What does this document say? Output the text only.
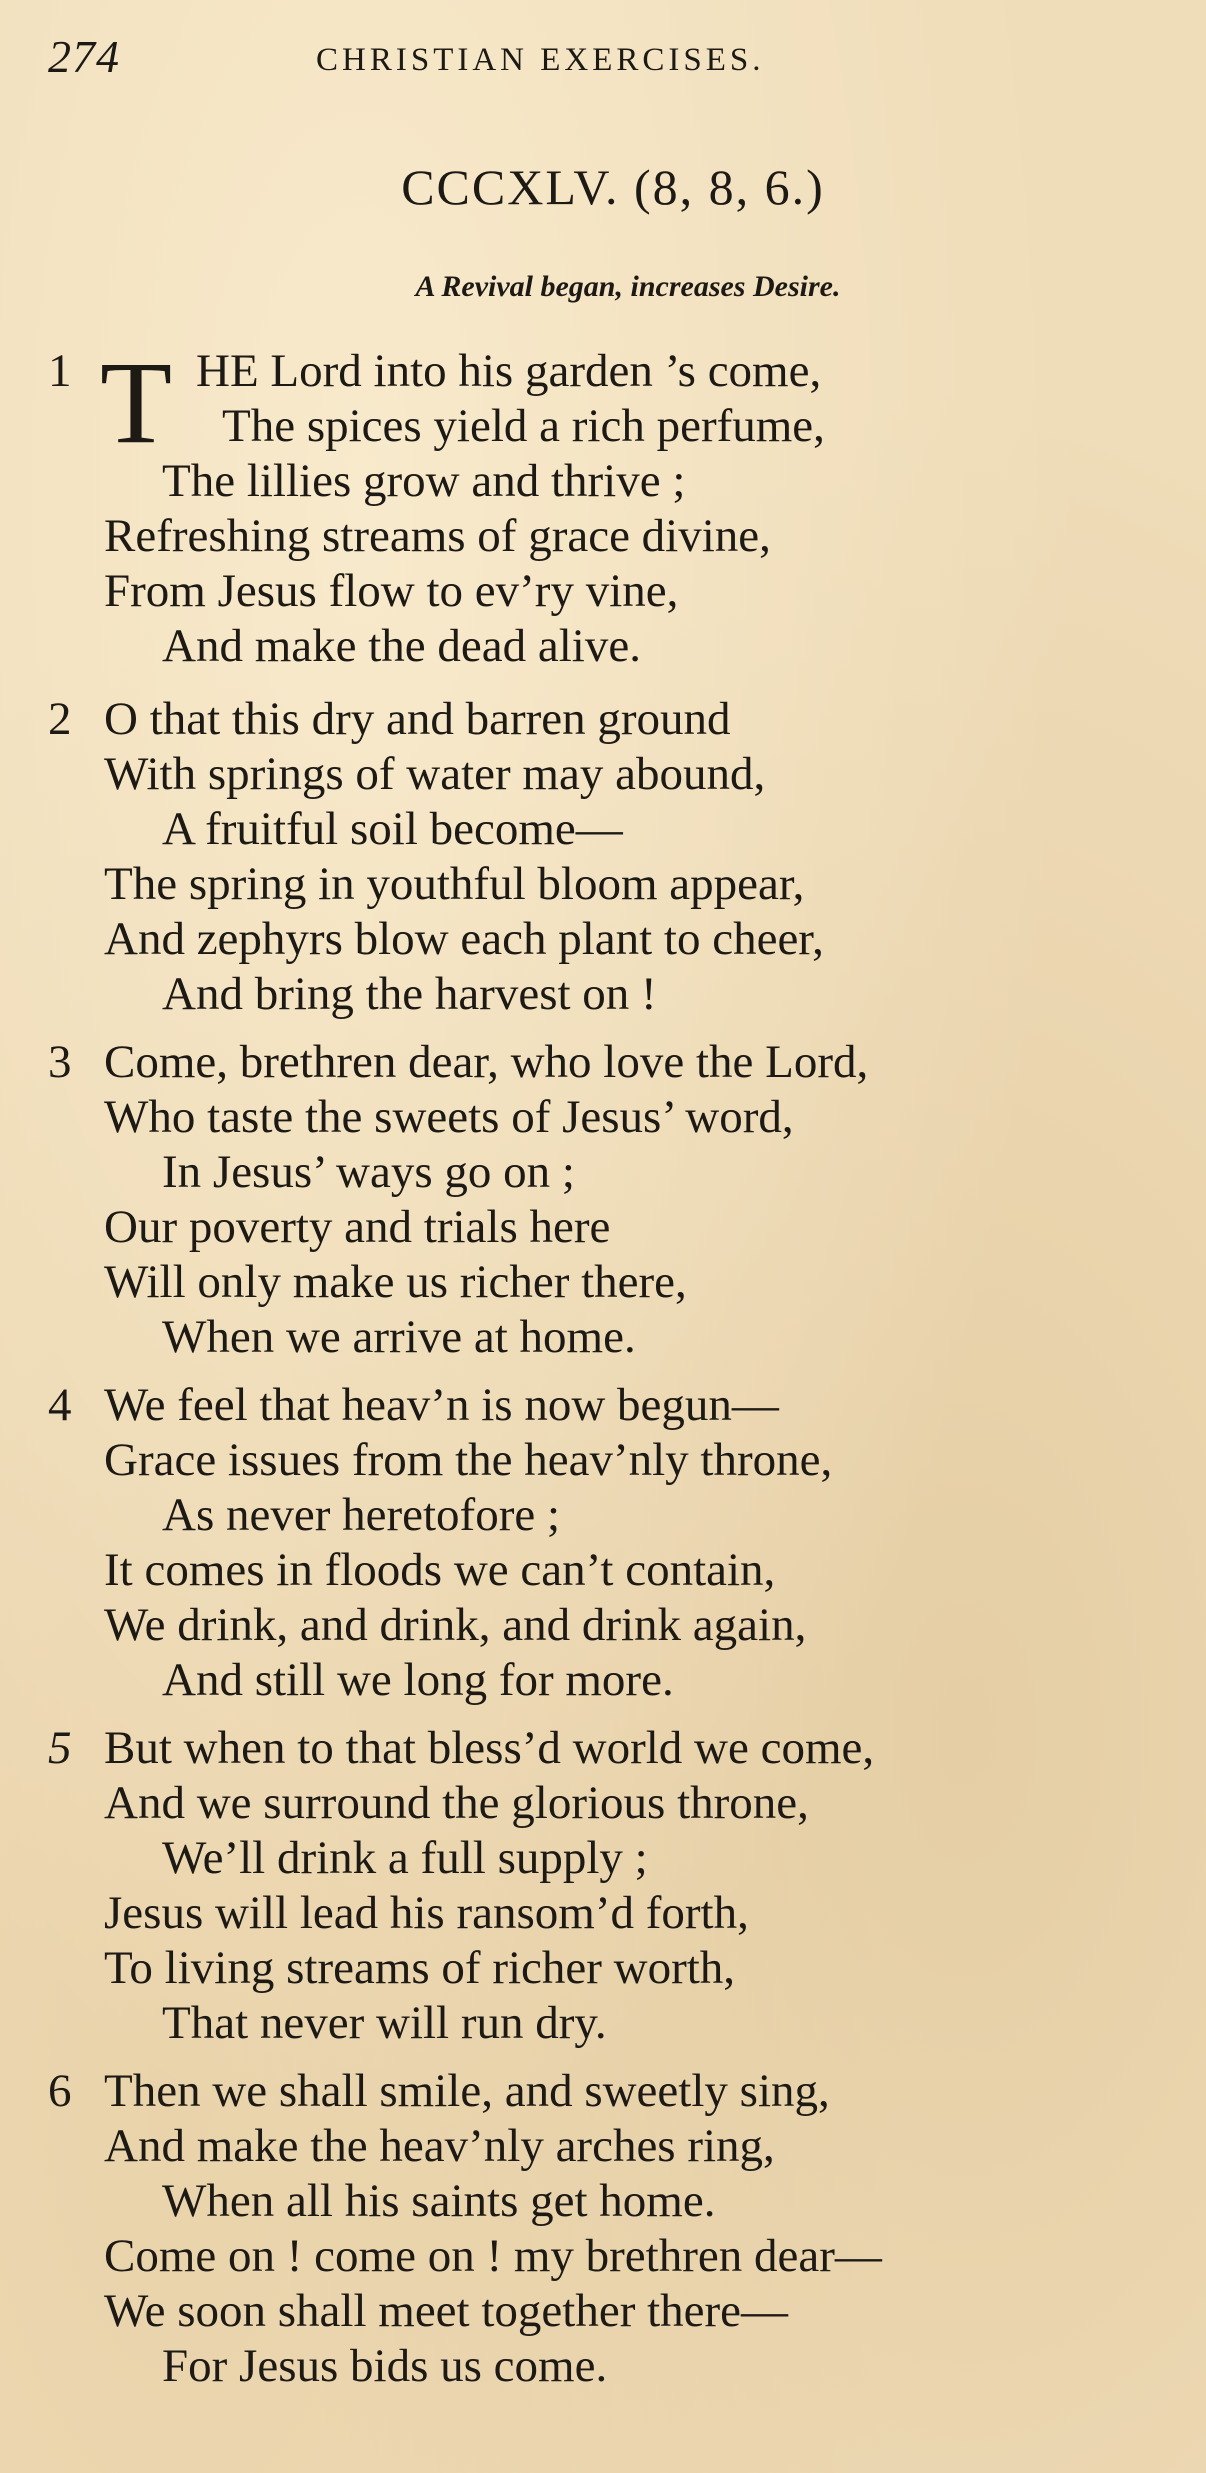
274	CHRISTIAN EXERCISES.
CCCXLV. (8, 8, 6.)
A Revival began, increases Desire.
1 T HE Lord into his garden ’s come,
The spices yield a rich perfume,
The lillies grow and thrive ;
Refreshing streams of grace divine,
From Jesus flow to ev’ry vine,
And make the dead alive.
2 O that this dry and barren ground
With springs of water may abound,
A fruitful soil become—
The spring in youthful bloom appear,
And zephyrs blow each plant to cheer,
And bring the harvest on !
3 Come, brethren dear, who love the Lord,
Who taste the sweets of Jesus’ word,
In Jesus’ ways go on ;
Our poverty and trials here
Will only make us richer there,
When we arrive at home.
4 We feel that heav’n is now begun—
Grace issues from the heav’nly throne,
As never heretofore ;
It comes in floods we can’t contain,
We drink, and drink, and drink again,
And still we long for more.
5 But when to that bless’d world we come,
And we surround the glorious throne,
We’ll drink a full supply ;
Jesus will lead his ransom’d forth,
To living streams of richer worth,
That never will run dry.
6 Then we shall smile, and sweetly sing,
And make the heav’nly arches ring,
When all his saints get home.
Come on ! come on ! my brethren dear—
We soon shall meet together there—
For Jesus bids us come.
